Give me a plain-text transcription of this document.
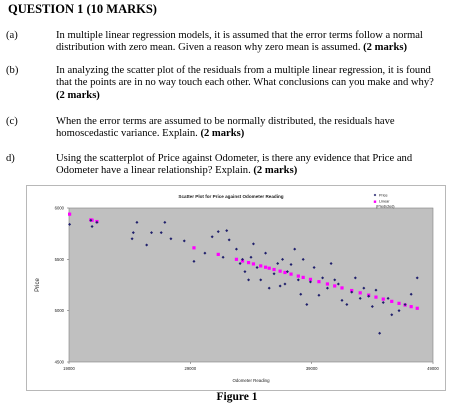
QUESTION 1 (10 MARKS)
(a)	In multiple linear regression models, it is assumed that the error terms follow a normal
distribution with zero mean. Given a reason why zero mean is assumed. (2 marks)
(b)	In analyzing the scatter plot of the residuals from a multiple linear regression, it is found
that the points are in no way touch each other. What conclusions can you make and why?
(2 marks)
(c)	When the error terms are assumed to be normally distributed, the residuals have
homoscedastic variance. Explain. (2 marks)
d)	Using the scatterplot of Price against Odometer, is there any evidence that Price and
Odometer have a linear relationship? Explain. (2 marks)
4500
5000
5500
6000
19000	29000	39000	49000
Scatter Plot for Price against Odometer Reading
Odometer Reading
Price
Price
Linear
(Predicted)
Figure 1
